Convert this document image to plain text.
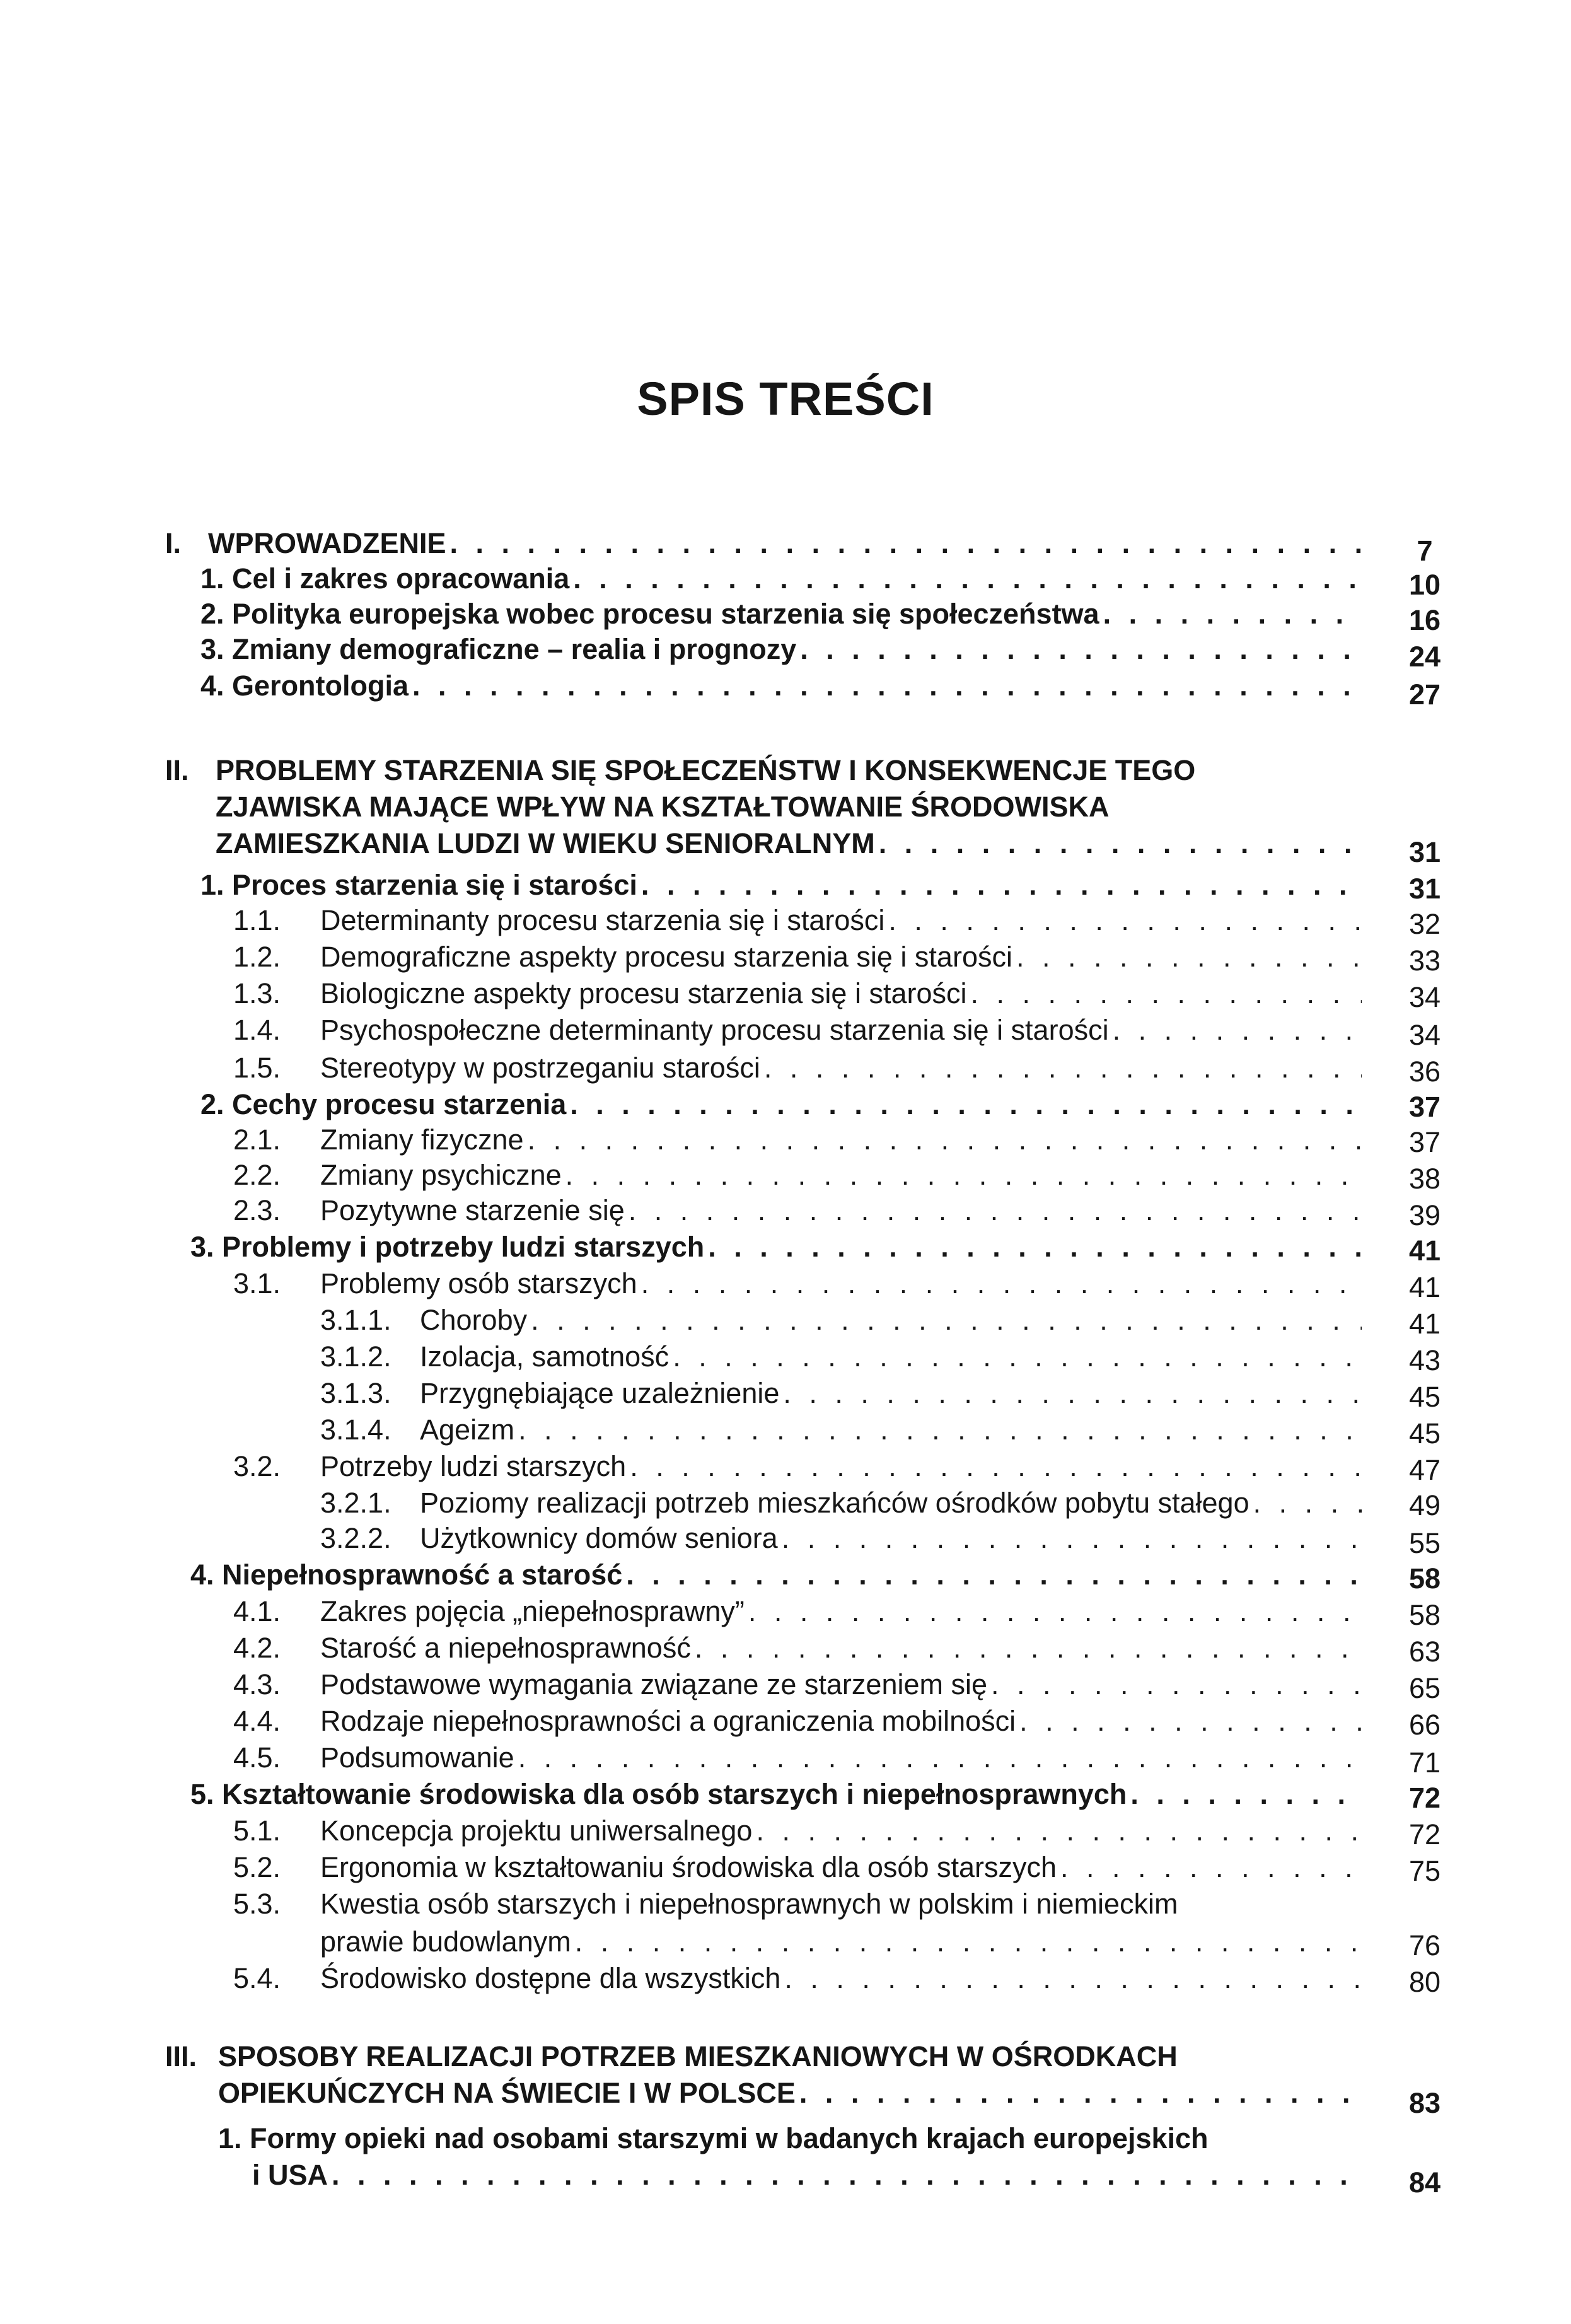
SPIS TREŚCI
I. WPROWADZENIE . . .	7
1. Cel i zakres opracowania . . .	10
2. Polityka europejska wobec procesu starzenia się społeczeństwa . . .	16
3. Zmiany demograficzne – realia i prognozy . . .	24
4. Gerontologia . . .	27
II. PROBLEMY STARZENIA SIĘ SPOŁECZEŃSTW I KONSEKWENCJE TEGO
ZJAWISKA MAJĄCE WPŁYW NA KSZTAŁTOWANIE ŚRODOWISKA
ZAMIESZKANIA LUDZI W WIEKU SENIORALNYM . . .	31
1. Proces starzenia się i starości . . .	31
1.1. Determinanty procesu starzenia się i starości . . .	32
1.2. Demograficzne aspekty procesu starzenia się i starości . . .	33
1.3. Biologiczne aspekty procesu starzenia się i starości . . .	34
1.4. Psychospołeczne determinanty procesu starzenia się i starości . . .	34
1.5. Stereotypy w postrzeganiu starości . . .	36
2. Cechy procesu starzenia . . .	37
2.1. Zmiany fizyczne . . .	37
2.2. Zmiany psychiczne . . .	38
2.3. Pozytywne starzenie się . . .	39
3. Problemy i potrzeby ludzi starszych . . .	41
3.1. Problemy osób starszych . . .	41
3.1.1. Choroby . . .	41
3.1.2. Izolacja, samotność . . .	43
3.1.3. Przygnębiające uzależnienie . . .	45
3.1.4. Ageizm . . .	45
3.2. Potrzeby ludzi starszych . . .	47
3.2.1. Poziomy realizacji potrzeb mieszkańców ośrodków pobytu stałego . . .	49
3.2.2. Użytkownicy domów seniora . . .	55
4. Niepełnosprawność a starość . . .	58
4.1. Zakres pojęcia „niepełnosprawny” . . .	58
4.2. Starość a niepełnosprawność . . .	63
4.3. Podstawowe wymagania związane ze starzeniem się . . .	65
4.4. Rodzaje niepełnosprawności a ograniczenia mobilności . . .	66
4.5. Podsumowanie . . .	71
5. Kształtowanie środowiska dla osób starszych i niepełnosprawnych . . .	72
5.1. Koncepcja projektu uniwersalnego . . .	72
5.2. Ergonomia w kształtowaniu środowiska dla osób starszych . . .	75
5.3. Kwestia osób starszych i niepełnosprawnych w polskim i niemieckim
prawie budowlanym . . .	76
5.4. Środowisko dostępne dla wszystkich . . .	80
III. SPOSOBY REALIZACJI POTRZEB MIESZKANIOWYCH W OŚRODKACH
OPIEKUŃCZYCH NA ŚWIECIE I W POLSCE . . .	83
1. Formy opieki nad osobami starszymi w badanych krajach europejskich
i USA . . .	84
